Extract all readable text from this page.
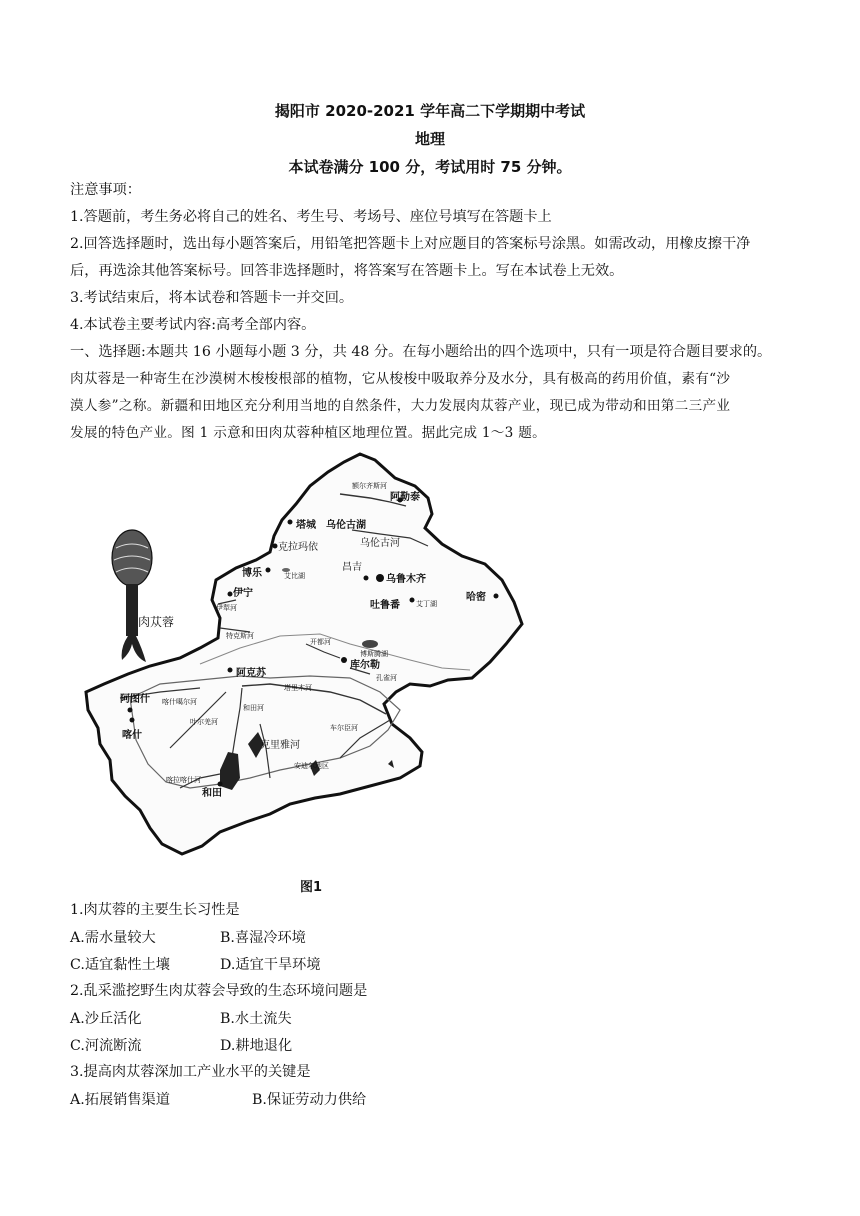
揭阳市 2020-2021 学年高二下学期期中考试
地理
本试卷满分 100 分，考试用时 75 分钟。
注意事项：
1.答题前，考生务必将自己的姓名、考生号、考场号、座位号填写在答题卡上
2.回答选择题时，选出每小题答案后，用铅笔把答题卡上对应题目的答案标号涂黑。如需改动，用橡皮擦干净
后，再选涂其他答案标号。回答非选择题时，将答案写在答题卡上。写在本试卷上无效。
3.考试结束后，将本试卷和答题卡一并交回。
4.本试卷主要考试内容:高考全部内容。
一、选择题:本题共 16 小题每小题 3 分，共 48 分。在每小题给出的四个选项中，只有一项是符合题目要求的。
肉苁蓉是一种寄生在沙漠树木梭梭根部的植物，它从梭梭中吸取养分及水分，具有极高的药用价值，素有“沙
漠人参”之称。新疆和田地区充分利用当地的自然条件，大力发展肉苁蓉产业，现已成为带动和田第二三产业
发展的特色产业。图 1 示意和田肉苁蓉种植区地理位置。据此完成 1～3 题。
肉苁蓉
阿勒泰
额尔齐斯河
塔城 乌伦古湖
乌伦古河
克拉玛依
博乐	艾比湖
伊宁
伊犁河
特克斯河
昌吉
乌鲁木齐
吐鲁番 艾丁湖
哈密
开都河
博斯腾湖
库尔勒
孔雀河
阿克苏
塔里木河
阿图什 喀什噶尔河
喀什
叶尔羌河
和田河
克里雅河
车尔臣河
安迪尔地区
喀拉喀什河
和田
图1
1.肉苁蓉的主要生长习性是
A.需水量较大	B.喜湿冷环境
C.适宜黏性土壤	D.适宜干旱环境
2.乱采滥挖野生肉苁蓉会导致的生态环境问题是
A.沙丘活化	B.水土流失
C.河流断流	D.耕地退化
3.提高肉苁蓉深加工产业水平的关键是
A.拓展销售渠道	B.保证劳动力供给
